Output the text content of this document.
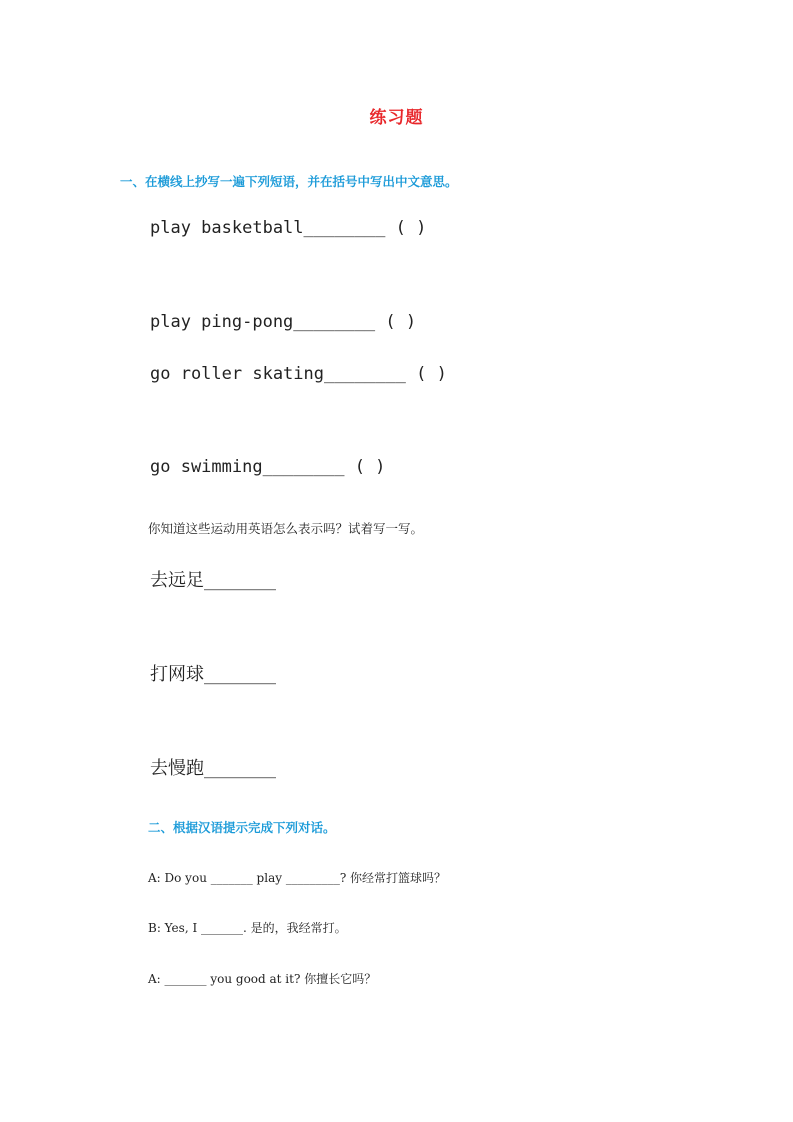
练习题
一、在横线上抄写一遍下列短语，并在括号中写出中文意思。
play basketball________ ( )
play ping-pong________ ( )
go roller skating________ ( )
go swimming________ ( )
你知道这些运动用英语怎么表示吗？试着写一写。
去远足________
打网球________
去慢跑________
二、根据汉语提示完成下列对话。
A: Do you _______ play _________? 你经常打篮球吗？
B: Yes, I _______. 是的，我经常打。
A: _______ you good at it? 你擅长它吗？
